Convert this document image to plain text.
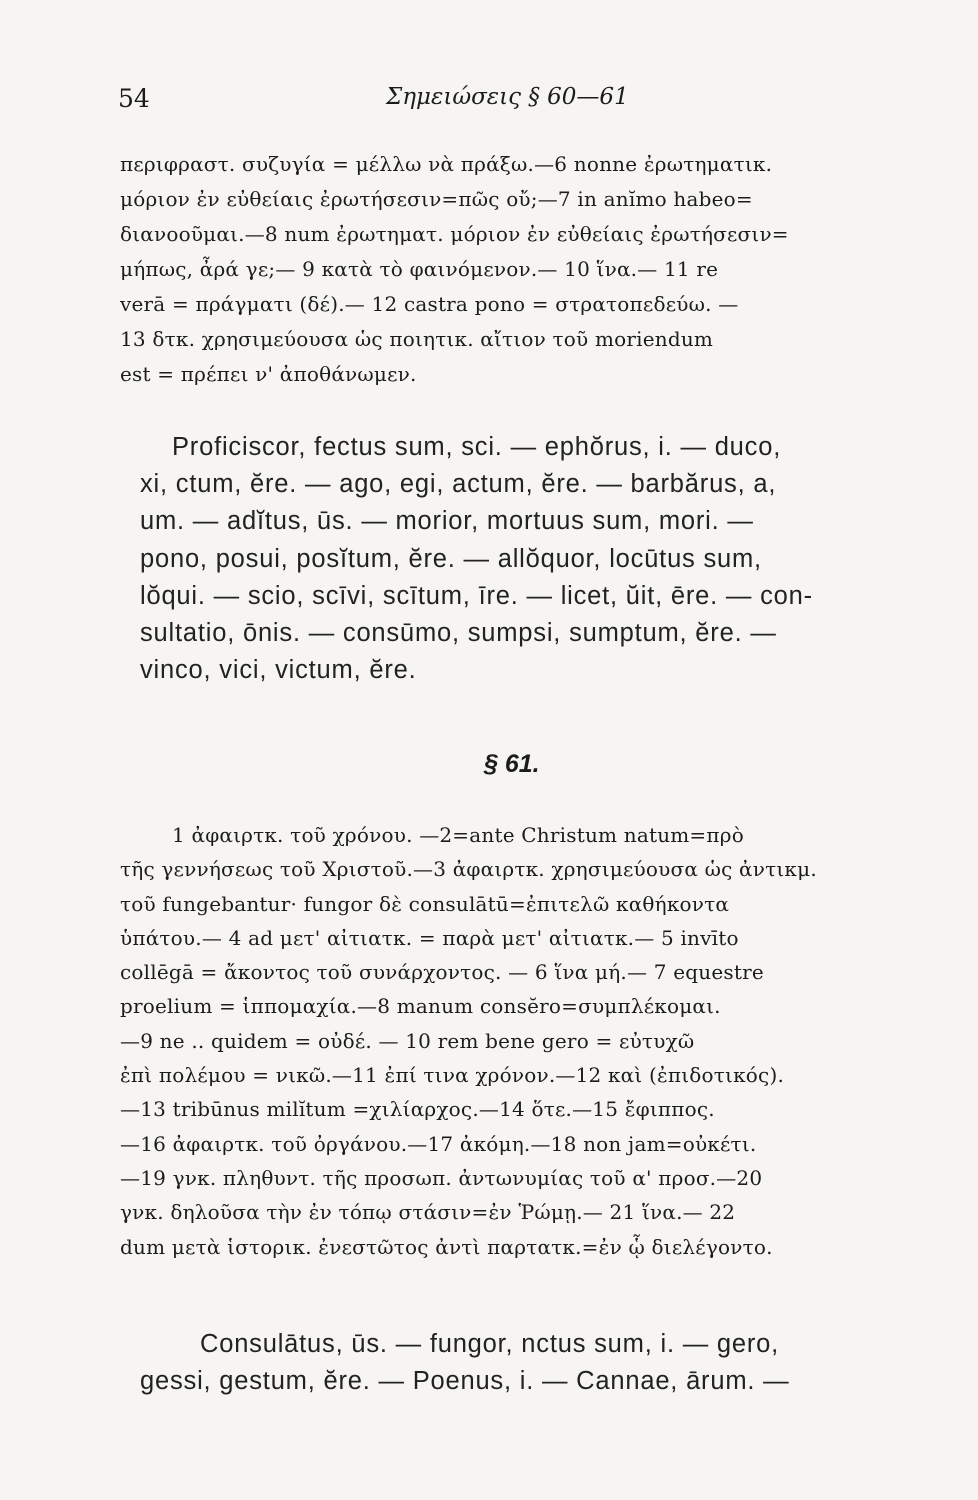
54	Σημειώσεις § 60—61
περιφραστ. συζυγία = μέλλω νὰ πράξω.—6 nonne ἐρωτηματικ.
μόριον ἐν εὐθείαις ἐρωτήσεσιν=πῶς οὔ;—7 in anĭmo habeo=
διανοοῦμαι.—8 num ἐρωτηματ. μόριον ἐν εὐθείαις ἐρωτήσεσιν=
μήπως, ἆρά γε;— 9 κατὰ τὸ φαινόμενον.— 10 ἵνα.— 11 re
verā = πράγματι (δέ).— 12 castra pono = στρατοπεδεύω. —
13 δτκ. χρησιμεύουσα ὡς ποιητικ. αἴτιον τοῦ moriendum
est = πρέπει ν' ἀποθάνωμεν.
Proficiscor, fectus sum, sci. — ephŏrus, i. — duco,
xi, ctum, ĕre. — ago, egi, actum, ĕre. — barbărus, a,
um. — adĭtus, ūs. — morior, mortuus sum, mori. —
pono, posui, posĭtum, ĕre. — allŏquor, locūtus sum,
lŏqui. — scio, scīvi, scītum, īre. — licet, ŭit, ēre. — con-
sultatio, ōnis. — consūmo, sumpsi, sumptum, ĕre. —
vinco, vici, victum, ĕre.
§ 61.
1 ἀφαιρτκ. τοῦ χρόνου. —2=ante Christum natum=πρὸ
τῆς γεννήσεως τοῦ Χριστοῦ.—3 ἀφαιρτκ. χρησιμεύουσα ὡς ἀντικμ.
τοῦ fungebantur· fungor δὲ consulātū=ἐπιτελῶ καθήκοντα
ὑπάτου.— 4 ad μετ' αἰτιατκ. = παρὰ μετ' αἰτιατκ.— 5 invīto
collēgā = ἄκοντος τοῦ συνάρχοντος. — 6 ἵνα μή.— 7 equestre
proelium = ἱππομαχία.—8 manum consĕro=συμπλέκομαι.
—9 ne .. quidem = οὐδέ. — 10 rem bene gero = εὐτυχῶ
ἐπὶ πολέμου = νικῶ.—11 ἐπί τινα χρόνον.—12 καὶ (ἐπιδοτικός).
—13 tribūnus milĭtum =χιλίαρχος.—14 ὅτε.—15 ἔφιππος.
—16 ἀφαιρτκ. τοῦ ὀργάνου.—17 ἀκόμη.—18 non jam=οὐκέτι.
—19 γνκ. πληθυντ. τῆς προσωπ. ἀντωνυμίας τοῦ α' προσ.—20
γνκ. δηλοῦσα τὴν ἐν τόπῳ στάσιν=ἐν Ῥώμῃ.— 21 ἵνα.— 22
dum μετὰ ἱστορικ. ἐνεστῶτος ἀντὶ παρτατκ.=ἐν ᾧ διελέγοντο.
Consulātus, ūs. — fungor, nctus sum, i. — gero,
gessi, gestum, ĕre. — Poenus, i. — Cannae, ārum. —
